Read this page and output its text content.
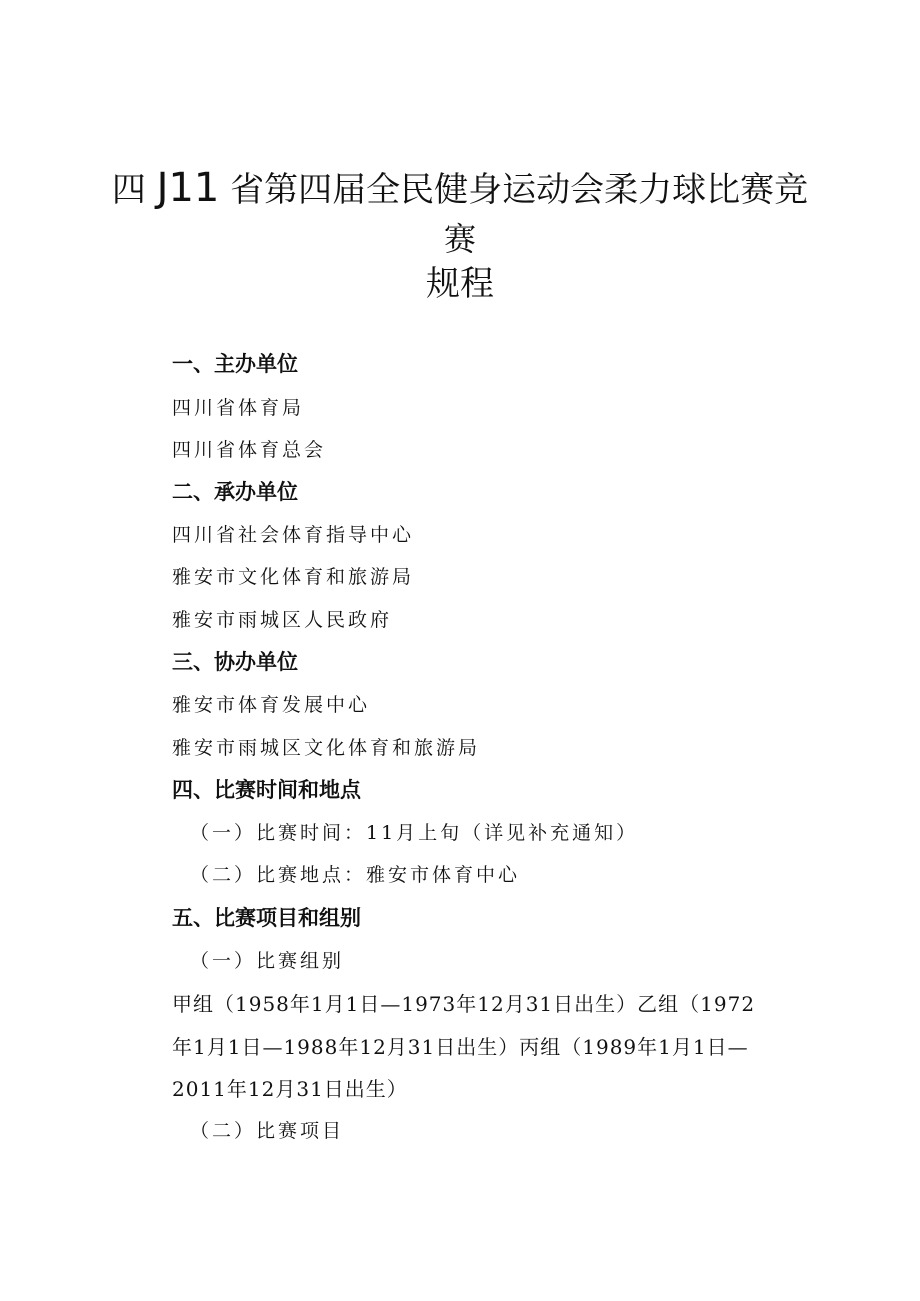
四 J11 省第四届全民健身运动会柔力球比赛竞
赛
规程
一、主办单位
四川省体育局
四川省体育总会
二、承办单位
四川省社会体育指导中心
雅安市文化体育和旅游局
雅安市雨城区人民政府
三、协办单位
雅安市体育发展中心
雅安市雨城区文化体育和旅游局
四、比赛时间和地点
（一）比赛时间：11月上旬（详见补充通知）
（二）比赛地点：雅安市体育中心
五、比赛项目和组别
（一）比赛组别
甲组（1958年1月1日—1973年12月31日出生）乙组（1972
年1月1日—1988年12月31日出生）丙组（1989年1月1日—
2011年12月31日出生）
（二）比赛项目
